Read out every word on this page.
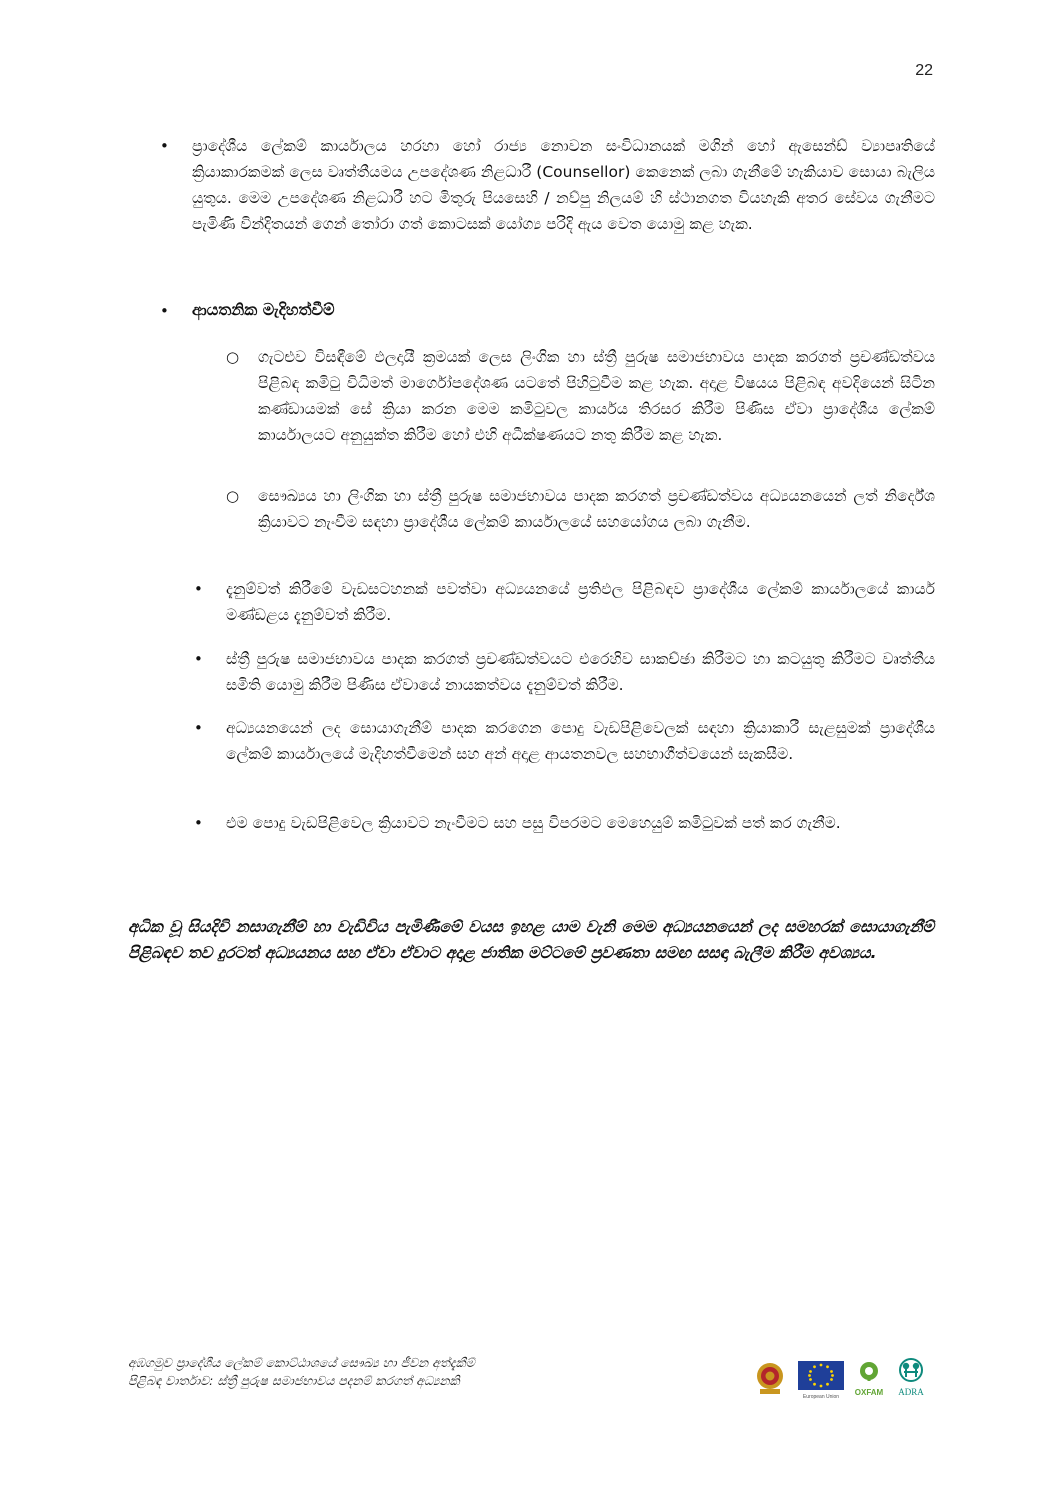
22
• ප්‍රාදේශීය ලේකම් කාර්යාලය හරහා හෝ රාජ්‍ය නොවන සංවිධානයක් මගින් හෝ ඇසෙන්ඩ් ව්‍යාපෘතියේ ක්‍රියාකාරකමක් ලෙස වෘත්තීයමය උපදේශණ නිළධාරී (Counsellor) කෙනෙක් ලබා ගැනීමේ හැකියාව සොයා බැලිය යුතුය. මෙම උපදේශණ නිළධාරී හට මිතුරු පියසෙහි / නව්පු නිලයම් හි ස්ථානගත වියහැකි අතර සේවය ගැනීමට පැමිණි වින්දිතයන් ගෙන් තෝරා ගත් කොටසක් යෝග්‍ය පරිදි ඇය වෙත යොමු කළ හැක.
• ආයතනික මැදිහත්වීම්
○ ගැටළුව විසඳීමේ ඵලදායී ක්‍රමයක් ලෙස ලිංගික හා ස්ත්‍රී පුරුෂ සමාජභාවය පාදක කරගත් ප්‍රචණ්ඩත්වය පිළිබඳ කමිටු විධිමත් මාර්ගෝපදේශණ යටතේ පිහිටුවීම කළ හැක. අදාළ විෂයය පිළිබඳ අවදියෙන් සිටින කණ්ඩායමක් සේ ක්‍රියා කරන මෙම කමිටුවල කාර්යය තිරසර කිරීම පිණිස ඒවා ප්‍රාදේශීය ලේකම් කාර්යාලයට අනුයුක්ත කිරීම හෝ එහි අධීක්ෂණයට නතු කිරීම කළ හැක.
○ සෞඛ්‍යය හා ලිංගික හා ස්ත්‍රී පුරුෂ සමාජභාවය පාදක කරගත් ප්‍රචණ්ඩත්වය අධ්‍යයනයෙන් ලත් නිර්දේශ ක්‍රියාවට නැංවීම සඳහා ප්‍රාදේශීය ලේකම් කාර්යාලයේ සහයෝගය ලබා ගැනීම.
• දැනුම්වත් කිරීමේ වැඩසටහනක් පවත්වා අධ්‍යයනයේ ප්‍රතිඵල පිළිබඳව ප්‍රාදේශීය ලේකම් කාර්යාලයේ කාර්ය මණ්ඩළය දැනුම්වත් කිරීම.
• ස්ත්‍රී පුරුෂ සමාජභාවය පාදක කරගත් ප්‍රචණ්ඩත්වයට එරෙහිව සාකච්ඡා කිරීමට හා කටයුතු කිරීමට වෘත්තීය සමිති යොමු කිරීම පිණිස ඒවායේ නායකත්වය දැනුම්වත් කිරීම.
• අධ්‍යයනයෙන් ලද සොයාගැනීම් පාදක කරගෙන පොදු වැඩපිළිවෙලක් සඳහා ක්‍රියාකාරී සැළසුමක් ප්‍රාදේශීය ලේකම් කාර්යාලයේ මැදිහත්වීමෙන් සහ අන් අදාළ ආයතනවල සහභාගීත්වයෙන් සැකසීම.
• එම පොදු වැඩපිළිවෙල ක්‍රියාවට නැංවීමට සහ පසු විපරමට මෙහෙයුම් කමිටුවක් පත් කර ගැනීම.
අධික වූ සියදිවි නසාගැනීම් හා වැඩිවිය පැමිණීමේ වයස ඉහළ යාම වැනි මෙම අධ්‍යයනයෙන් ලද සමහරක් සොයාගැනීම් පිළිබඳව තව දුරටත් අධ්‍යයනය සහ ඒවා ඒවාට අදාළ ජාතික මට්ටමේ ප්‍රවණතා සමඟ සසඳා බැලීම කිරීම අවශ්‍යය.
අඹගමුව ප්‍රාදේශීය ලේකම් කොට්ඨාශයේ සෞඛ්‍ය හා ජීවන අත්දැකීම්
පිළිබඳ වාර්තාව: ස්ත්‍රී පුරුෂ සමාජභාවය පදනම් කරගත් අධ්‍යනකි
European Union OXFAM ADRA
